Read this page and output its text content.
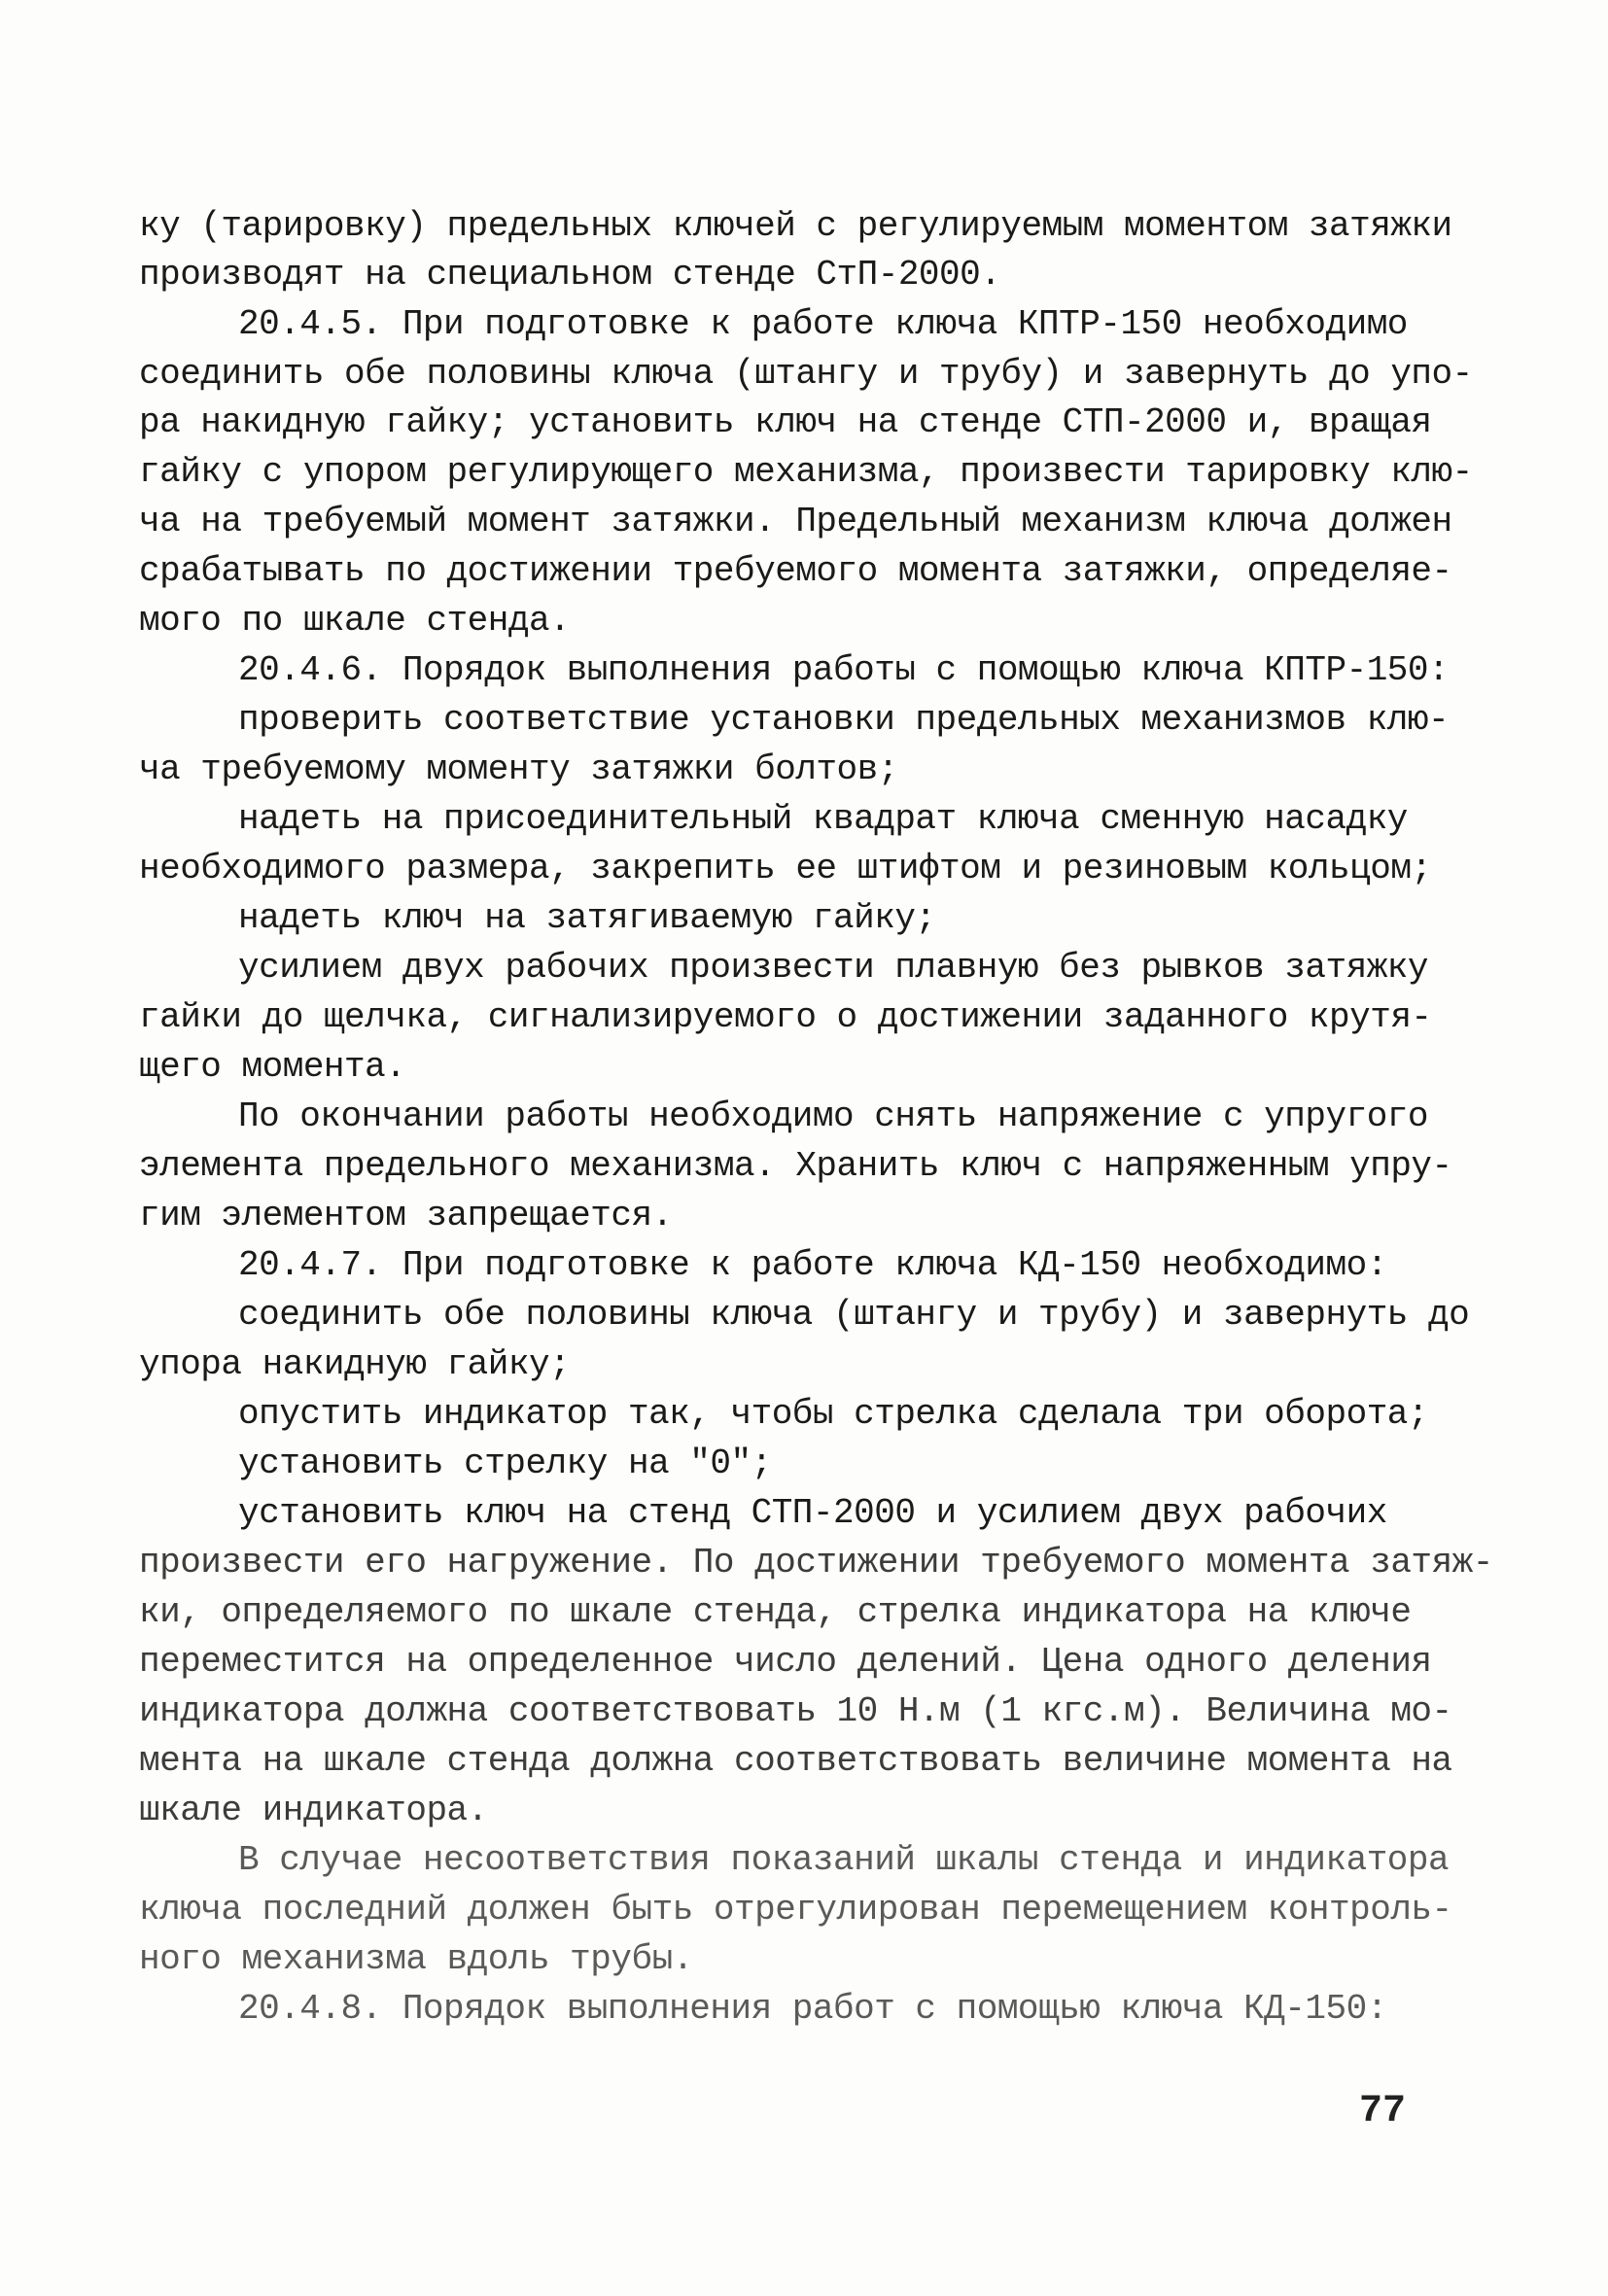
ку (тарировку) предельных ключей с регулируемым моментом затяжки
производят на специальном стенде СтП-2000.
20.4.5. При подготовке к работе ключа КПТР-150 необходимо
соединить обе половины ключа (штангу и трубу) и завернуть до упо-
ра накидную гайку; установить ключ на стенде СТП-2000 и, вращая
гайку с упором регулирующего механизма, произвести тарировку клю-
ча на требуемый момент затяжки. Предельный механизм ключа должен
срабатывать по достижении требуемого момента затяжки, определяе-
мого по шкале стенда.
20.4.6. Порядок выполнения работы с помощью ключа КПТР-150:
проверить соответствие установки предельных механизмов клю-
ча требуемому моменту затяжки болтов;
надеть на присоединительный квадрат ключа сменную насадку
необходимого размера, закрепить ее штифтом и резиновым кольцом;
надеть ключ на затягиваемую гайку;
усилием двух рабочих произвести плавную без рывков затяжку
гайки до щелчка, сигнализируемого о достижении заданного крутя-
щего момента.
По окончании работы необходимо снять напряжение с упругого
элемента предельного механизма. Хранить ключ с напряженным упру-
гим элементом запрещается.
20.4.7. При подготовке к работе ключа КД-150 необходимо:
соединить обе половины ключа (штангу и трубу) и завернуть до
упора накидную гайку;
опустить индикатор так, чтобы стрелка сделала три оборота;
установить стрелку на "0";
установить ключ на стенд СТП-2000 и усилием двух рабочих
произвести его нагружение. По достижении требуемого момента затяж-
ки, определяемого по шкале стенда, стрелка индикатора на ключе
переместится на определенное число делений. Цена одного деления
индикатора должна соответствовать 10 Н.м (1 кгс.м). Величина мо-
мента на шкале стенда должна соответствовать величине момента на
шкале индикатора.
В случае несоответствия показаний шкалы стенда и индикатора
ключа последний должен быть отрегулирован перемещением контроль-
ного механизма вдоль трубы.
20.4.8. Порядок выполнения работ с помощью ключа КД-150:
77
